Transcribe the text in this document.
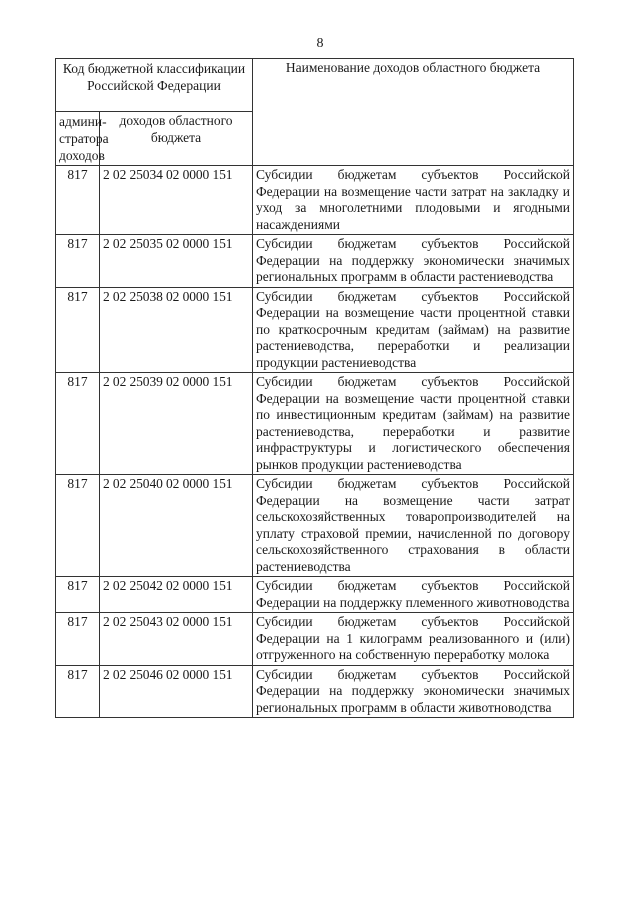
8
Код бюджетной классификации Российской Федерации		Наименование доходов областного бюджета
админи-стратора доходов	доходов областного бюджета	
817	2 02 25034 02 0000 151	Субсидии бюджетам субъектов Российской Федерации на возмещение части затрат на закладку и уход за многолетними плодовыми и ягодными насаждениями
817	2 02 25035 02 0000 151	Субсидии бюджетам субъектов Российской Федерации на поддержку экономически значимых региональных программ в области растениеводства
817	2 02 25038 02 0000 151	Субсидии бюджетам субъектов Российской Федерации на возмещение части процентной ставки по краткосрочным кредитам (займам) на развитие растениеводства, переработки и реализации продукции растениеводства
817	2 02 25039 02 0000 151	Субсидии бюджетам субъектов Российской Федерации на возмещение части процентной ставки по инвестиционным кредитам (займам) на развитие растениеводства, переработки и развитие инфраструктуры и логистического обеспечения рынков продукции растениеводства
817	2 02 25040 02 0000 151	Субсидии бюджетам субъектов Российской Федерации на возмещение части затрат сельскохозяйственных товаропроизводителей на уплату страховой премии, начисленной по договору сельскохозяйственного страхования в области растениеводства
817	2 02 25042 02 0000 151	Субсидии бюджетам субъектов Российской Федерации на поддержку племенного животноводства
817	2 02 25043 02 0000 151	Субсидии бюджетам субъектов Российской Федерации на 1 килограмм реализованного и (или) отгруженного на собственную переработку молока
817	2 02 25046 02 0000 151	Субсидии бюджетам субъектов Российской Федерации на поддержку экономически значимых региональных программ в области животноводства
